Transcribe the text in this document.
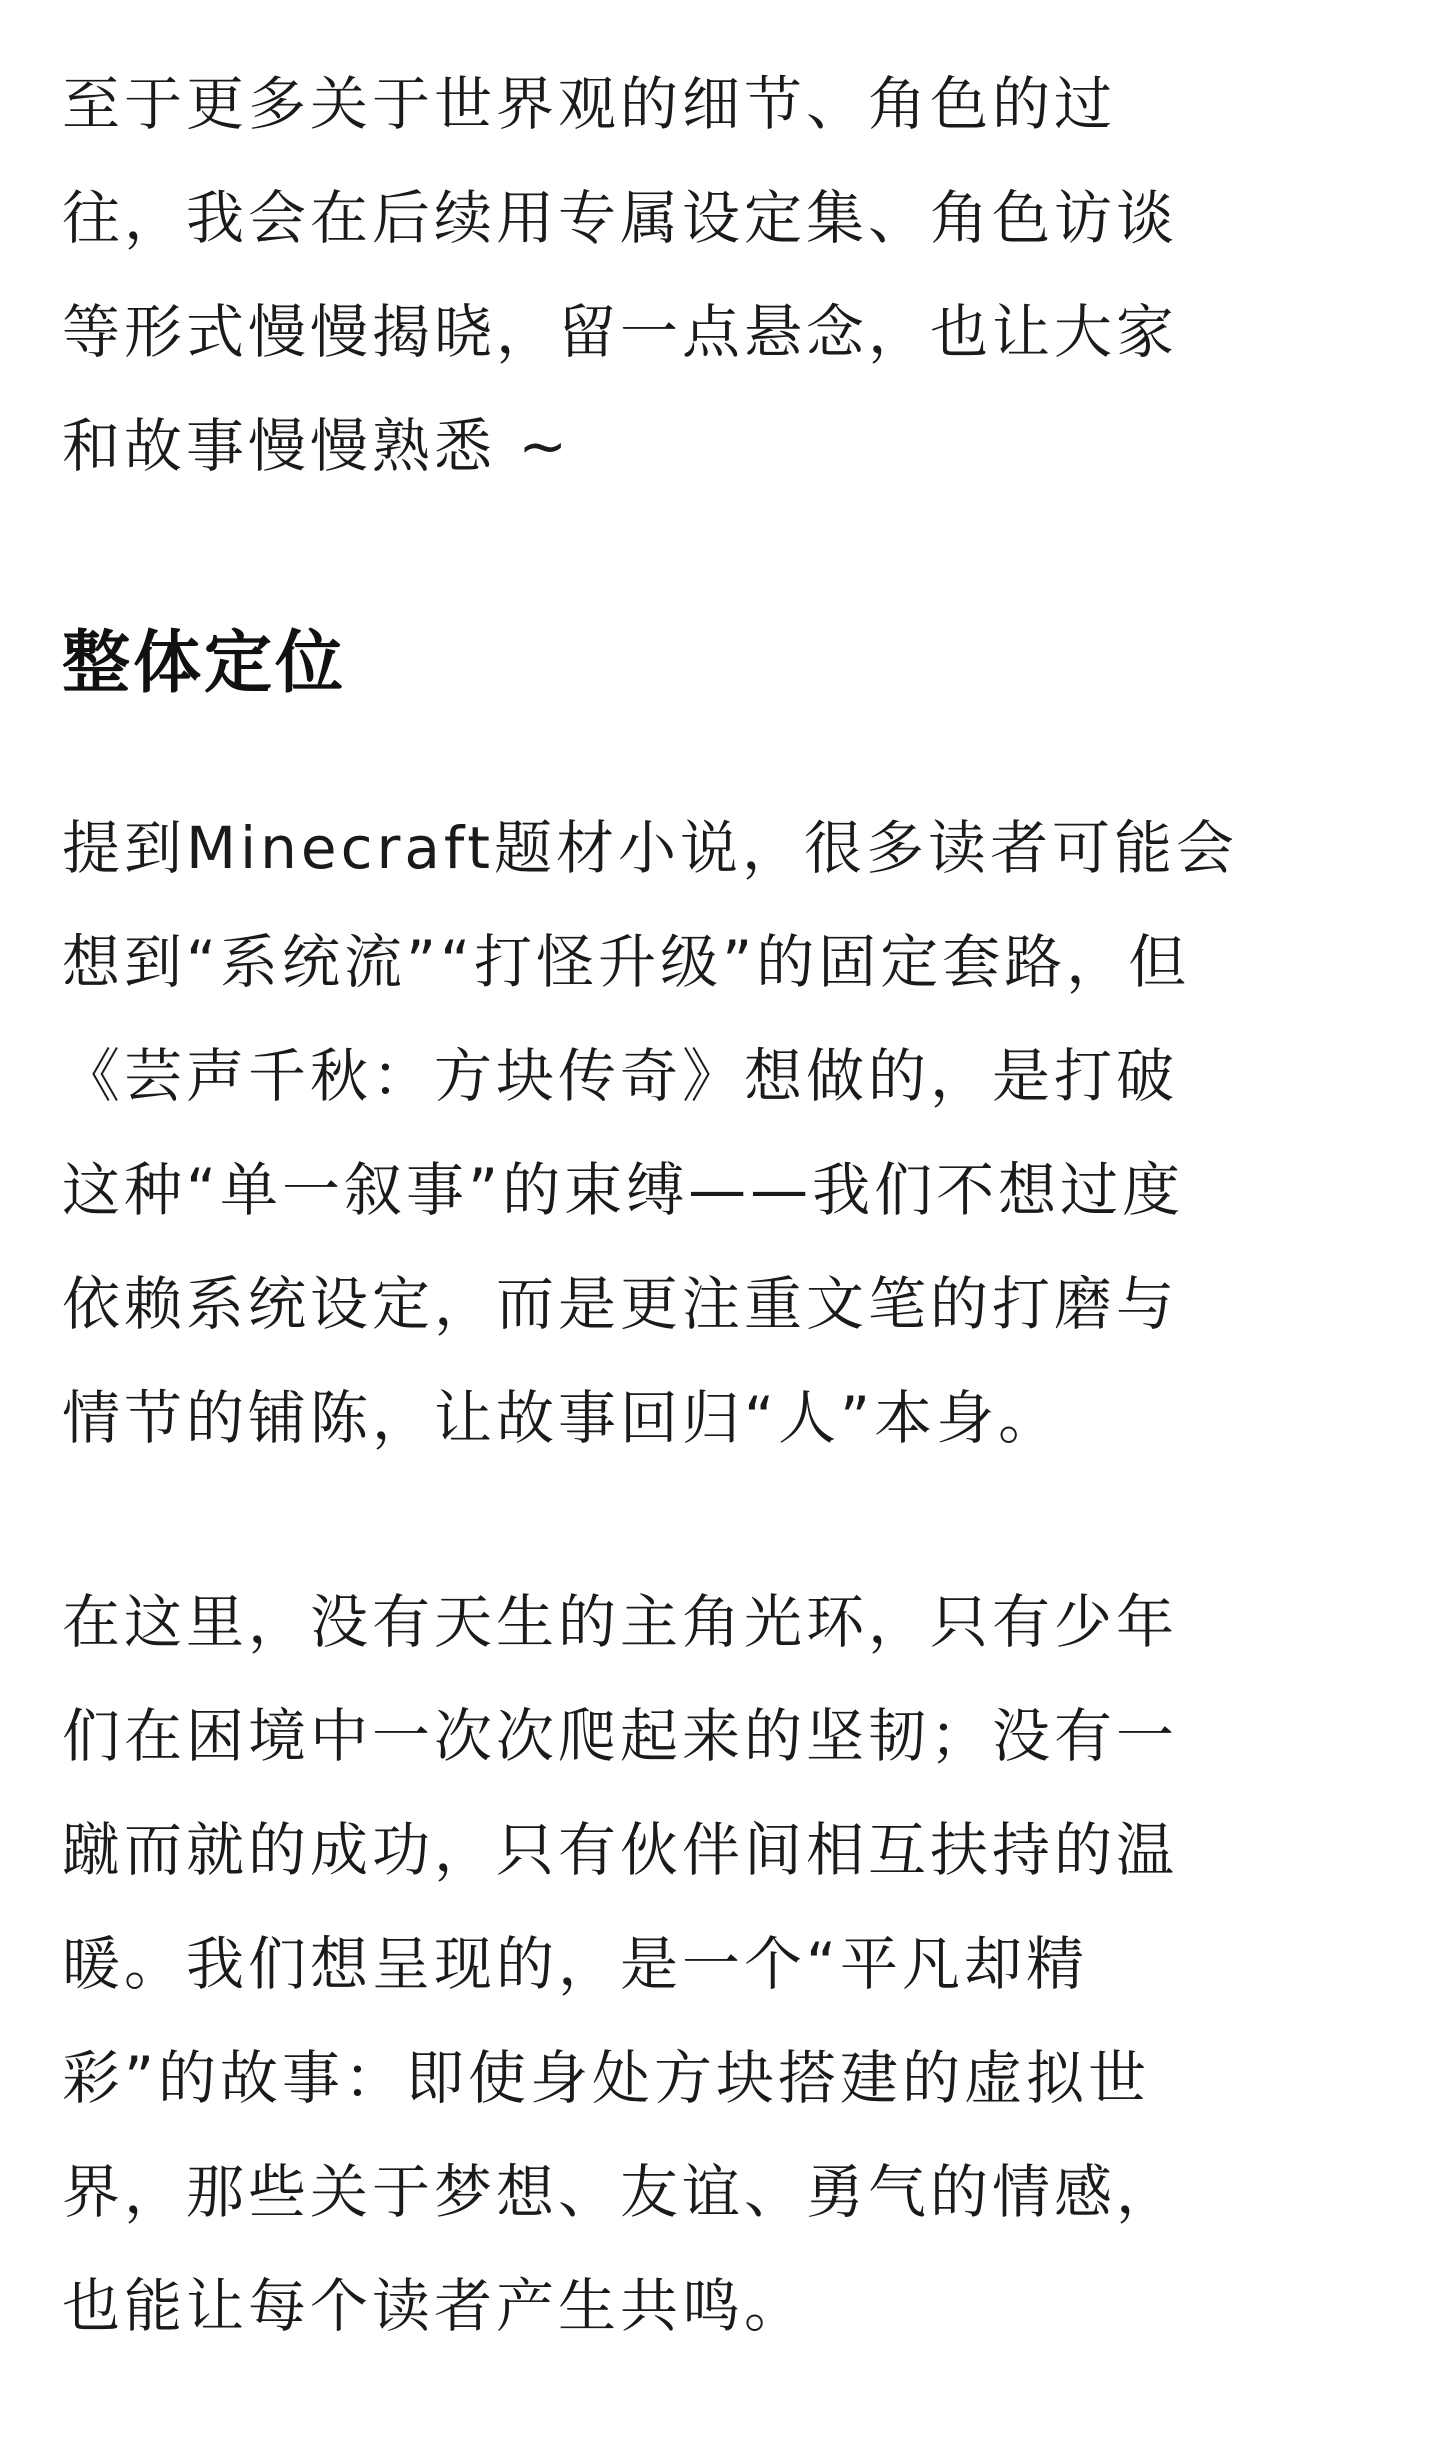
至于更多关于世界观的细节、角色的过
往，我会在后续用专属设定集、角色访谈
等形式慢慢揭晓，留一点悬念，也让大家
和故事慢慢熟悉 ~
整体定位
提到Minecraft题材小说，很多读者可能会
想到“系统流”“打怪升级”的固定套路，但
《芸声千秋：方块传奇》想做的，是打破
这种“单一叙事”的束缚——我们不想过度
依赖系统设定，而是更注重文笔的打磨与
情节的铺陈，让故事回归“人”本身。
在这里，没有天生的主角光环，只有少年
们在困境中一次次爬起来的坚韧；没有一
蹴而就的成功，只有伙伴间相互扶持的温
暖。我们想呈现的，是一个“平凡却精
彩”的故事：即使身处方块搭建的虚拟世
界，那些关于梦想、友谊、勇气的情感，
也能让每个读者产生共鸣。
